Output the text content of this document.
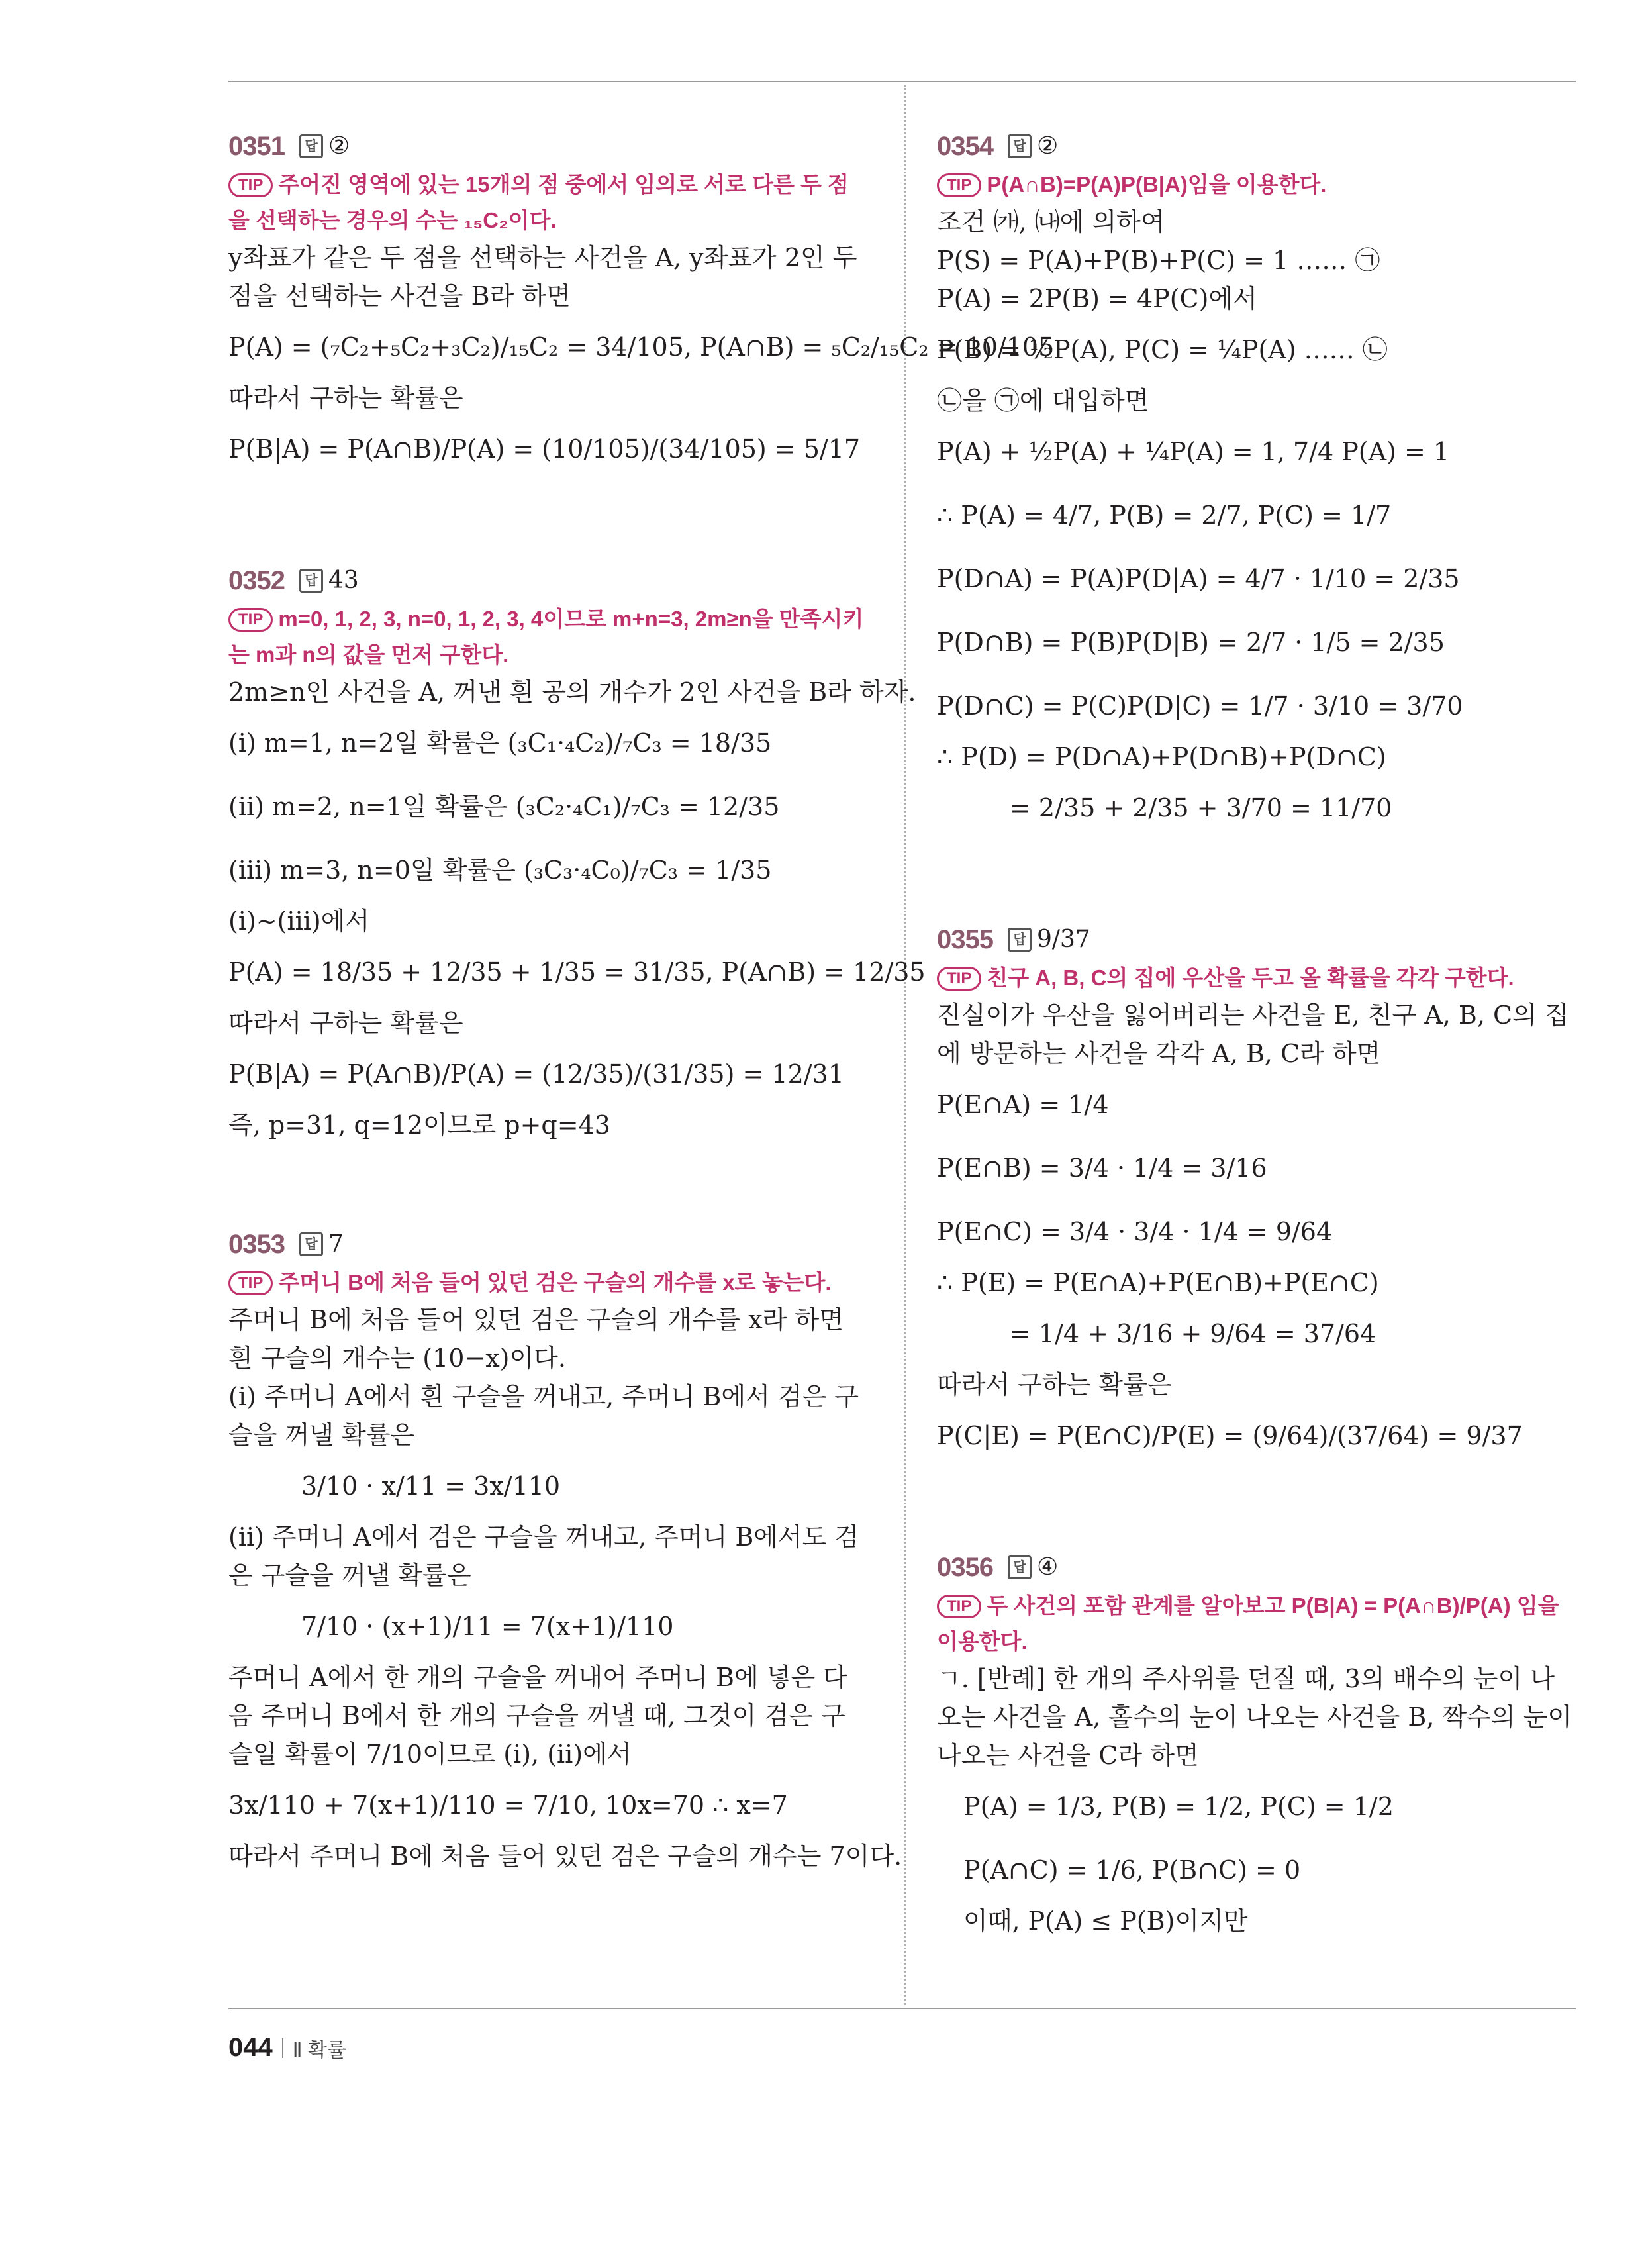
0351	답 ②
TIP 주어진 영역에 있는 15개의 점 중에서 임의로 서로 다른 두 점을 선택하는 경우의 수는 ₁₅C₂이다.
y좌표가 같은 두 점을 선택하는 사건을 A, y좌표가 2인 두 점을 선택하는 사건을 B라 하면
P(A) = (₇C₂+₅C₂+₃C₂)/₁₅C₂ = 34/105, P(A∩B) = ₅C₂/₁₅C₂ = 10/105
따라서 구하는 확률은
P(B|A) = P(A∩B)/P(A) = (10/105)/(34/105) = 5/17
0352	답 43
TIP m=0, 1, 2, 3, n=0, 1, 2, 3, 4이므로 m+n=3, 2m≥n을 만족시키는 m과 n의 값을 먼저 구한다.
2m≥n인 사건을 A, 꺼낸 흰 공의 개수가 2인 사건을 B라 하자.
(ⅰ) m=1, n=2일 확률은 (₃C₁·₄C₂)/₇C₃ = 18/35
(ⅱ) m=2, n=1일 확률은 (₃C₂·₄C₁)/₇C₃ = 12/35
(ⅲ) m=3, n=0일 확률은 (₃C₃·₄C₀)/₇C₃ = 1/35
(ⅰ)~(ⅲ)에서
P(A) = 18/35 + 12/35 + 1/35 = 31/35, P(A∩B) = 12/35
따라서 구하는 확률은
P(B|A) = P(A∩B)/P(A) = (12/35)/(31/35) = 12/31
즉, p=31, q=12이므로 p+q=43
0353	답 7
TIP 주머니 B에 처음 들어 있던 검은 구슬의 개수를 x로 놓는다.
주머니 B에 처음 들어 있던 검은 구슬의 개수를 x라 하면 흰 구슬의 개수는 (10−x)이다.
(ⅰ) 주머니 A에서 흰 구슬을 꺼내고, 주머니 B에서 검은 구슬을 꺼낼 확률은
3/10 · x/11 = 3x/110
(ⅱ) 주머니 A에서 검은 구슬을 꺼내고, 주머니 B에서도 검은 구슬을 꺼낼 확률은
7/10 · (x+1)/11 = 7(x+1)/110
주머니 A에서 한 개의 구슬을 꺼내어 주머니 B에 넣은 다음 주머니 B에서 한 개의 구슬을 꺼낼 때, 그것이 검은 구슬일 확률이 7/10이므로 (ⅰ), (ⅱ)에서
3x/110 + 7(x+1)/110 = 7/10, 10x=70 ∴ x=7
따라서 주머니 B에 처음 들어 있던 검은 구슬의 개수는 7이다.
0354	답 ②
TIP P(A∩B)=P(A)P(B|A)임을 이용한다.
조건 ㈎, ㈏에 의하여
P(S) = P(A)+P(B)+P(C) = 1 …… ㉠
P(A) = 2P(B) = 4P(C)에서
P(B) = ½P(A), P(C) = ¼P(A) …… ㉡
㉡을 ㉠에 대입하면
P(A) + ½P(A) + ¼P(A) = 1, 7/4 P(A) = 1
∴ P(A) = 4/7, P(B) = 2/7, P(C) = 1/7
P(D∩A) = P(A)P(D|A) = 4/7 · 1/10 = 2/35
P(D∩B) = P(B)P(D|B) = 2/7 · 1/5 = 2/35
P(D∩C) = P(C)P(D|C) = 1/7 · 3/10 = 3/70
∴ P(D) = P(D∩A)+P(D∩B)+P(D∩C)
= 2/35 + 2/35 + 3/70 = 11/70
0355	답 9/37
TIP 친구 A, B, C의 집에 우산을 두고 올 확률을 각각 구한다.
진실이가 우산을 잃어버리는 사건을 E, 친구 A, B, C의 집에 방문하는 사건을 각각 A, B, C라 하면
P(E∩A) = 1/4
P(E∩B) = 3/4 · 1/4 = 3/16
P(E∩C) = 3/4 · 3/4 · 1/4 = 9/64
∴ P(E) = P(E∩A)+P(E∩B)+P(E∩C)
= 1/4 + 3/16 + 9/64 = 37/64
따라서 구하는 확률은
P(C|E) = P(E∩C)/P(E) = (9/64)/(37/64) = 9/37
0356	답 ④
TIP 두 사건의 포함 관계를 알아보고 P(B|A) = P(A∩B)/P(A) 임을 이용한다.
ㄱ. [반례] 한 개의 주사위를 던질 때, 3의 배수의 눈이 나오는 사건을 A, 홀수의 눈이 나오는 사건을 B, 짝수의 눈이 나오는 사건을 C라 하면
P(A) = 1/3, P(B) = 1/2, P(C) = 1/2
P(A∩C) = 1/6, P(B∩C) = 0
이때, P(A) ≤ P(B)이지만
044 Ⅱ 확률
